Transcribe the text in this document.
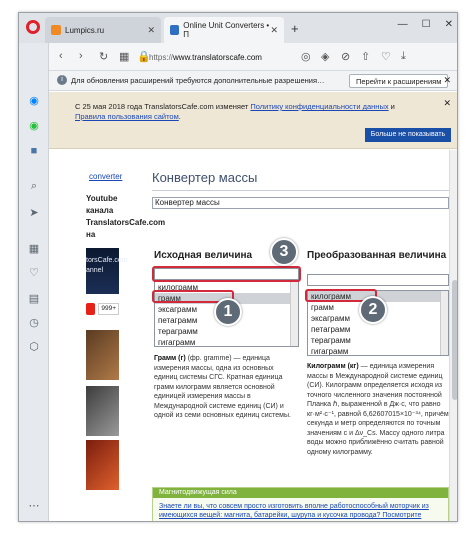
Lumpics.ru	✕	Online Unit Converters • П	✕ +	— ☐ ✕
◉
◉
■
⌕
➤
▦
♡
▤
◷
⬡
⋯
‹ › ↻ ▦ 🔒
https://www.translatorscafe.com	◎ ◈ ⊘ ⇧ ♡ ⤓
i	Для обновления расширений требуются дополнительные разрешения…	Перейти к расширениям ✕
С 25 мая 2018 года TranslatorsCafe.com изменяет Политику конфиденциальности данных и Правила пользования сайтом.
✕
Больше не показывать
converter
Youtube канала TranslatorsCafe.com на
torsCafe.com
annel
999+
Конвертер массы
Конвертер массы
Исходная величина
килограмм
грамм
эксаграмм
петаграмм
тераграмм
гигаграмм
Грамм (г) (фр. gramme) — единица измерения массы, одна из основных единиц системы СГС. Кратная единица грамм килограмм является основной единицей измерения массы в Международной системе единиц (СИ) и одной из семи основных единиц системы.
Преобразованная величина
килограмм
грамм
эксаграмм
петаграмм
тераграмм
гигаграмм
Килограмм (кг) — единица измерения массы в Международной системе единиц (СИ). Килограмм определяется исходя из точного численного значения постоянной Планка ℏ, выраженной в Дж·с, что равно кг·м²·с⁻¹, равной 6,62607015×10⁻³⁴, причём секунда и метр определяются по точным значениям c и Δν_Cs. Массу одного литра воды можно приближённо считать равной одному килограмму.
1	2
3
Магнитодвижущая сила
Знаете ли вы, что совсем просто изготовить вполне работоспособный моторчик из имеющихся вещей: магнита, батарейки, шурупа и кусочка провода? Посмотрите
